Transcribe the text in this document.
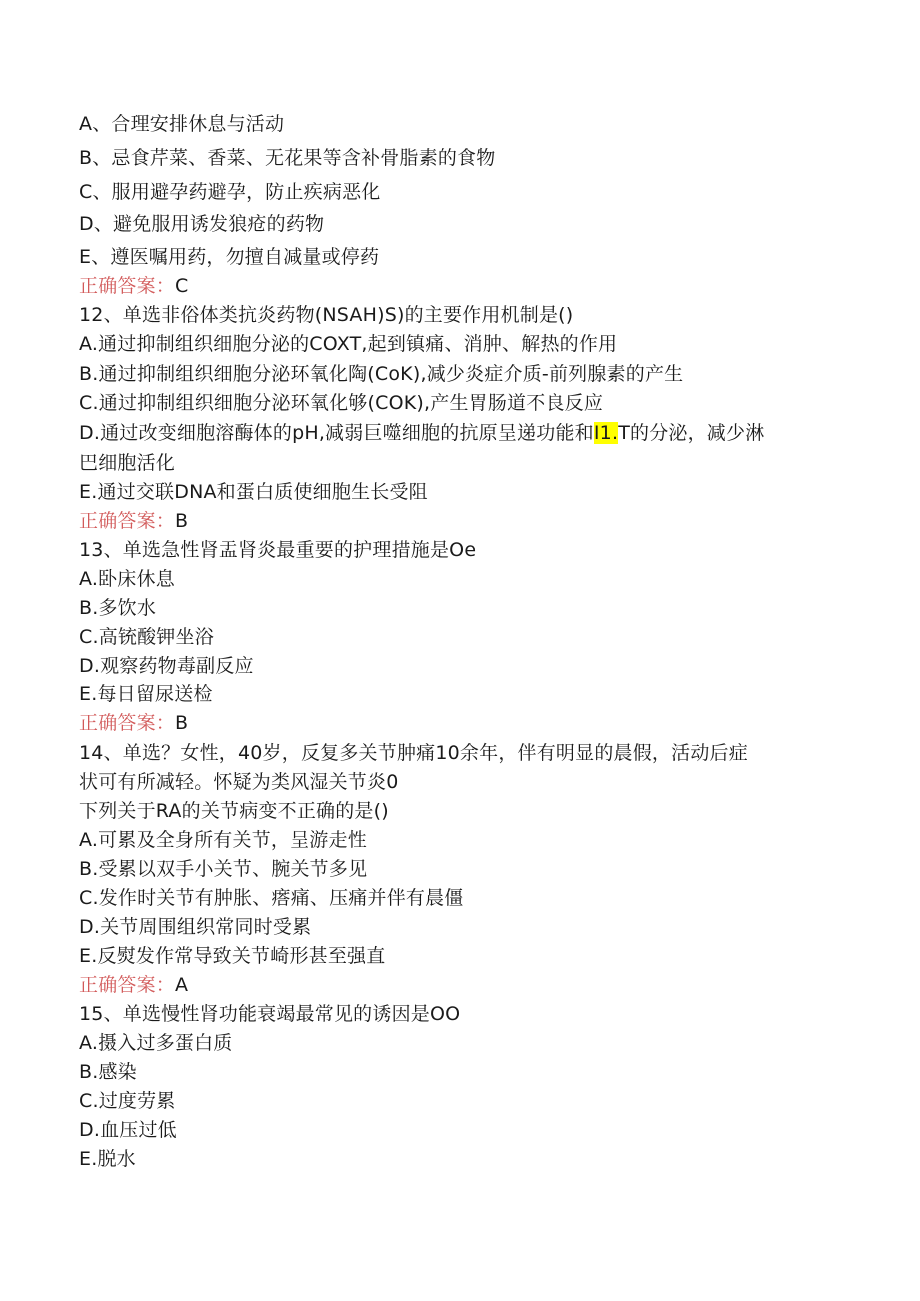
A、合理安排休息与活动
B、忌食芹菜、香菜、无花果等含补骨脂素的食物
C、服用避孕药避孕，防止疾病恶化
D、避免服用诱发狼疮的药物
E、遵医嘱用药，勿擅自减量或停药
正确答案：C
12、单选非俗体类抗炎药物(NSAH)S)的主要作用机制是()
A.通过抑制组织细胞分泌的COXT,起到镇痛、消肿、解热的作用
B.通过抑制组织细胞分泌环氧化陶(CoK),减少炎症介质-前列腺素的产生
C.通过抑制组织细胞分泌环氧化够(COK),产生胃肠道不良反应
D.通过改变细胞溶酶体的pH,减弱巨噬细胞的抗原呈递功能和I1.T的分泌，减少淋
巴细胞活化
E.通过交联DNA和蛋白质使细胞生长受阻
正确答案：B
13、单选急性肾盂肾炎最重要的护理措施是Oe
A.卧床休息
B.多饮水
C.高铳酸钾坐浴
D.观察药物毒副反应
E.每日留尿送检
正确答案：B
14、单选？女性，40岁，反复多关节肿痛10余年，伴有明显的晨假，活动后症
状可有所减轻。怀疑为类风湿关节炎0
下列关于RA的关节病变不正确的是()
A.可累及全身所有关节，呈游走性
B.受累以双手小关节、腕关节多见
C.发作时关节有肿胀、瘩痛、压痛并伴有晨僵
D.关节周围组织常同时受累
E.反熨发作常导致关节崎形甚至强直
正确答案：A
15、单选慢性肾功能衰竭最常见的诱因是OO
A.摄入过多蛋白质
B.感染
C.过度劳累
D.血压过低
E.脱水
